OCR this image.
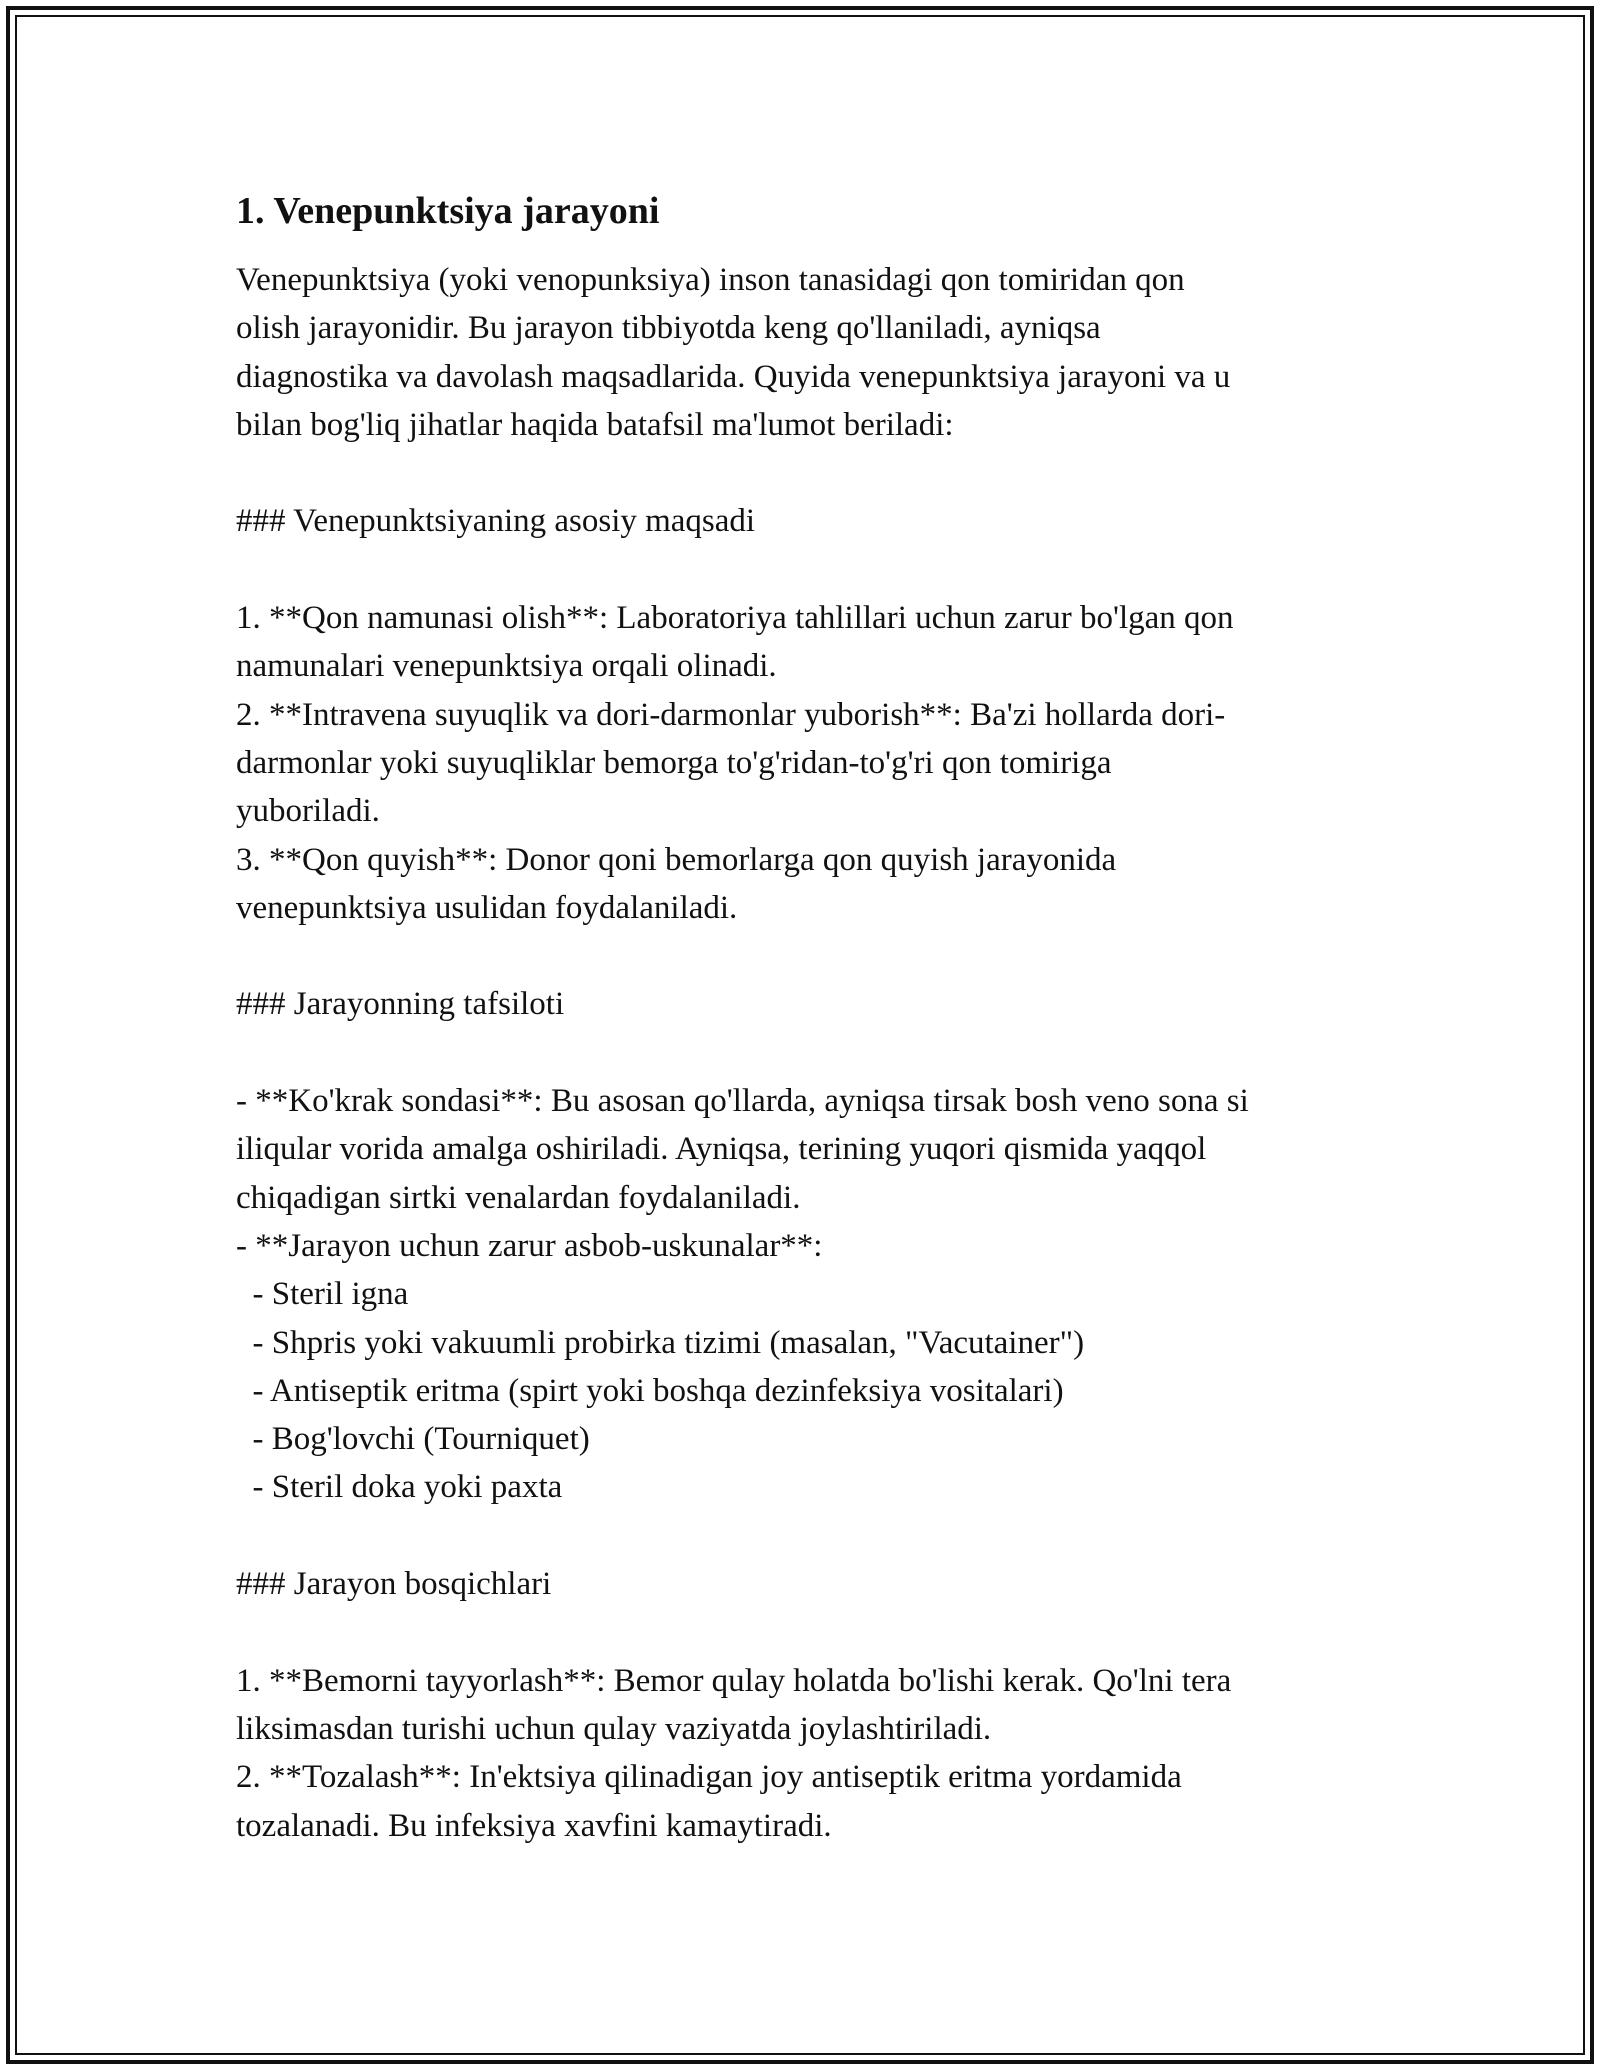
1. Venepunktsiya jarayoni
Venepunktsiya (yoki venopunksiya) inson tanasidagi qon tomiridan qon
olish jarayonidir. Bu jarayon tibbiyotda keng qo'llaniladi, ayniqsa
diagnostika va davolash maqsadlarida. Quyida venepunktsiya jarayoni va u
bilan bog'liq jihatlar haqida batafsil ma'lumot beriladi:
### Venepunktsiyaning asosiy maqsadi
1. **Qon namunasi olish**: Laboratoriya tahlillari uchun zarur bo'lgan qon
namunalari venepunktsiya orqali olinadi.
2. **Intravena suyuqlik va dori-darmonlar yuborish**: Ba'zi hollarda dori-
darmonlar yoki suyuqliklar bemorga to'g'ridan-to'g'ri qon tomiriga
yuboriladi.
3. **Qon quyish**: Donor qoni bemorlarga qon quyish jarayonida
venepunktsiya usulidan foydalaniladi.
### Jarayonning tafsiloti
- **Ko'krak sondasi**: Bu asosan qo'llarda, ayniqsa tirsak bosh veno sona si
iliqular vorida amalga oshiriladi. Ayniqsa, terining yuqori qismida yaqqol
chiqadigan sirtki venalardan foydalaniladi.
- **Jarayon uchun zarur asbob-uskunalar**:
- Steril igna
- Shpris yoki vakuumli probirka tizimi (masalan, "Vacutainer")
- Antiseptik eritma (spirt yoki boshqa dezinfeksiya vositalari)
- Bog'lovchi (Tourniquet)
- Steril doka yoki paxta
### Jarayon bosqichlari
1. **Bemorni tayyorlash**: Bemor qulay holatda bo'lishi kerak. Qo'lni tera
liksimasdan turishi uchun qulay vaziyatda joylashtiriladi.
2. **Tozalash**: In'ektsiya qilinadigan joy antiseptik eritma yordamida
tozalanadi. Bu infeksiya xavfini kamaytiradi.
